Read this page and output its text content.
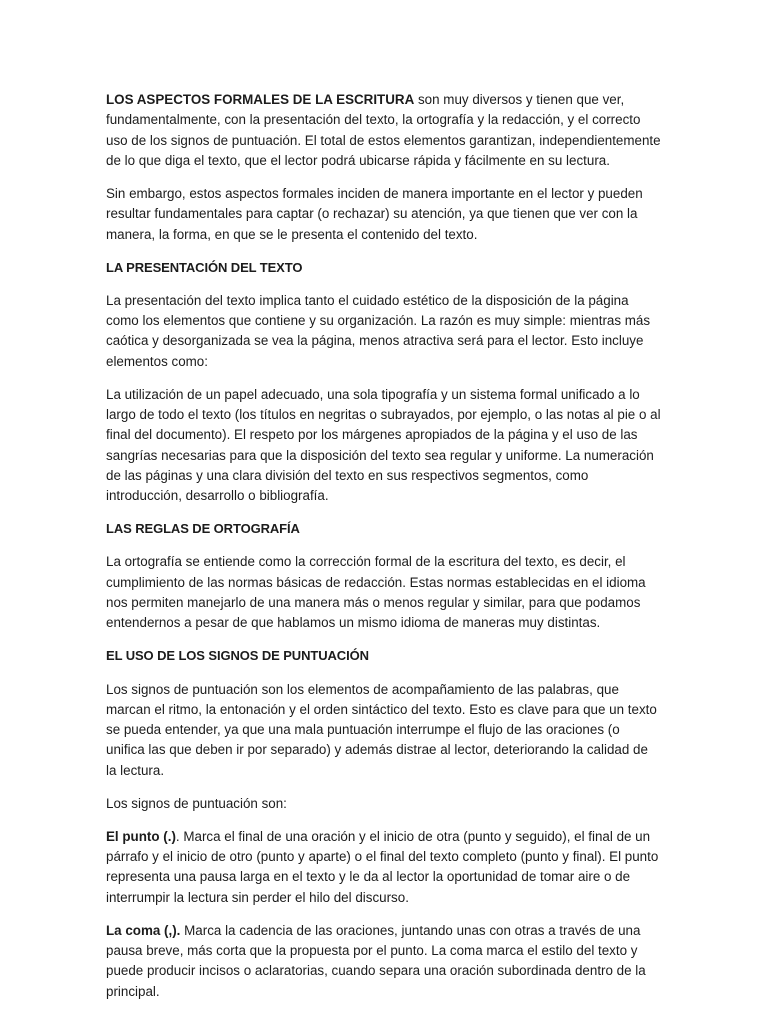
LOS ASPECTOS FORMALES DE LA ESCRITURA son muy diversos y tienen que ver, fundamentalmente, con la presentación del texto, la ortografía y la redacción, y el correcto uso de los signos de puntuación. El total de estos elementos garantizan, independientemente de lo que diga el texto, que el lector podrá ubicarse rápida y fácilmente en su lectura.

Sin embargo, estos aspectos formales inciden de manera importante en el lector y pueden resultar fundamentales para captar (o rechazar) su atención, ya que tienen que ver con la manera, la forma, en que se le presenta el contenido del texto.

LA PRESENTACIÓN DEL TEXTO

La presentación del texto implica tanto el cuidado estético de la disposición de la página como los elementos que contiene y su organización. La razón es muy simple: mientras más caótica y desorganizada se vea la página, menos atractiva será para el lector. Esto incluye elementos como:

La utilización de un papel adecuado, una sola tipografía y un sistema formal unificado a lo largo de todo el texto (los títulos en negritas o subrayados, por ejemplo, o las notas al pie o al final del documento). El respeto por los márgenes apropiados de la página y el uso de las sangrías necesarias para que la disposición del texto sea regular y uniforme. La numeración de las páginas y una clara división del texto en sus respectivos segmentos, como introducción, desarrollo o bibliografía.

LAS REGLAS DE ORTOGRAFÍA

La ortografía se entiende como la corrección formal de la escritura del texto, es decir, el cumplimiento de las normas básicas de redacción. Estas normas establecidas en el idioma nos permiten manejarlo de una manera más o menos regular y similar, para que podamos entendernos a pesar de que hablamos un mismo idioma de maneras muy distintas.

EL USO DE LOS SIGNOS DE PUNTUACIÓN

Los signos de puntuación son los elementos de acompañamiento de las palabras, que marcan el ritmo, la entonación y el orden sintáctico del texto. Esto es clave para que un texto se pueda entender, ya que una mala puntuación interrumpe el flujo de las oraciones (o unifica las que deben ir por separado) y además distrae al lector, deteriorando la calidad de la lectura.

Los signos de puntuación son:

El punto (.). Marca el final de una oración y el inicio de otra (punto y seguido), el final de un párrafo y el inicio de otro (punto y aparte) o el final del texto completo (punto y final). El punto representa una pausa larga en el texto y le da al lector la oportunidad de tomar aire o de interrumpir la lectura sin perder el hilo del discurso.

La coma (,). Marca la cadencia de las oraciones, juntando unas con otras a través de una pausa breve, más corta que la propuesta por el punto. La coma marca el estilo del texto y puede producir incisos o aclaratorias, cuando separa una oración subordinada dentro de la principal.
